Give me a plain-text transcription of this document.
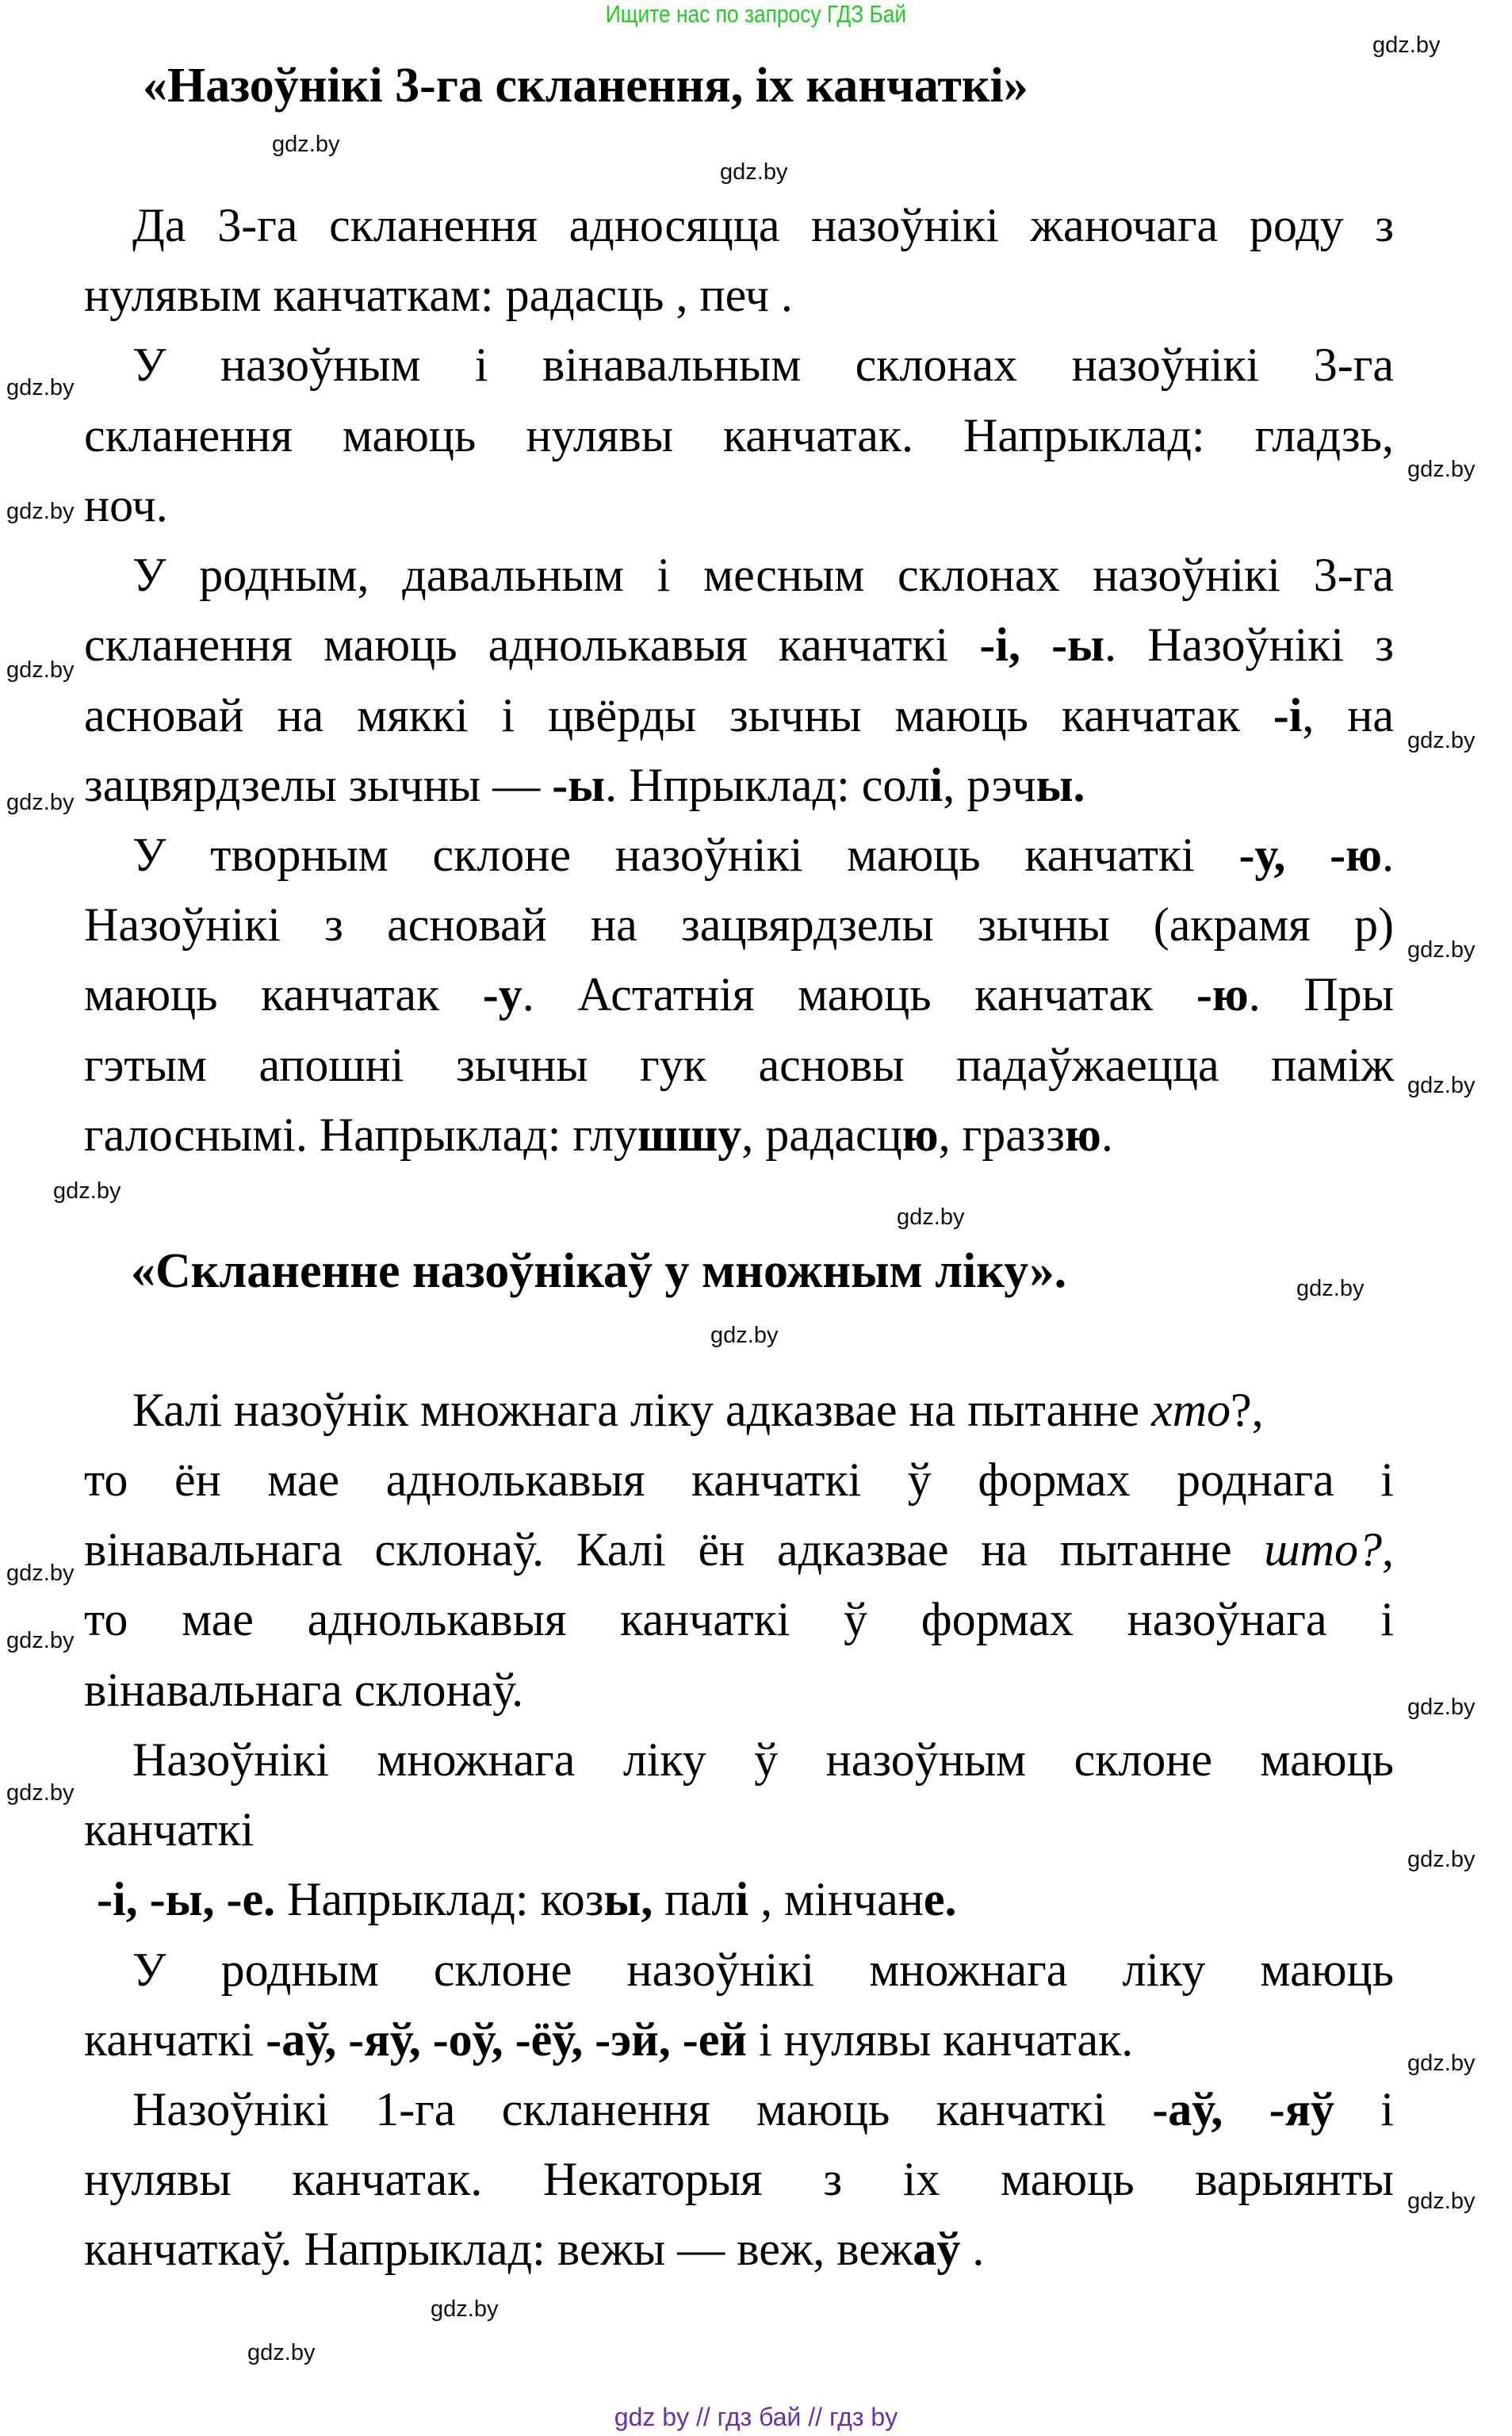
Ищите нас по запросу ГДЗ Бай
«Назоўнікі 3-га скланення, іх канчаткі»
Да 3-га скланення адносяцца назоўнікі жаночага роду з
нулявым канчаткам: радасць , печ .
У назоўным і вінавальным склонах назоўнікі 3-га
скланення маюць нулявы канчатак. Напрыклад: гладзь,
ноч.
У родным, давальным і месным склонах назоўнікі 3-га
скланення маюць аднолькавыя канчаткі -і, -ы. Назоўнікі з
асновай на мяккі і цвёрды зычны маюць канчатак -і, на
зацвярдзелы зычны — -ы. Нпрыклад: солі, рэчы.
У творным склоне назоўнікі маюць канчаткі -у, -ю.
Назоўнікі з асновай на зацвярдзелы зычны (акрамя р)
маюць канчатак -у. Астатнія маюць канчатак -ю. Пры
гэтым апошні зычны гук асновы падаўжаецца паміж
галоснымі. Напрыклад: глушшу, радасцю, граззю.
«Скланенне назоўнікаў у множным ліку».
Калі назоўнік множнага ліку адказвае на пытанне хто?,
то ён мае аднолькавыя канчаткі ў формах роднага і
вінавальнага склонаў. Калі ён адказвае на пытанне што?,
то мае аднолькавыя канчаткі ў формах назоўнага і
вінавальнага склонаў.
Назоўнікі множнага ліку ў назоўным склоне маюць
канчаткі
-і, -ы, -е. Напрыклад: козы, палі , мінчане.
У родным склоне назоўнікі множнага ліку маюць
канчаткі -аў, -яў, -оў, -ёў, -эй, -ей і нулявы канчатак.
Назоўнікі 1-га скланення маюць канчаткі -аў, -яў і
нулявы канчатак. Некаторыя з іх маюць варыянты
канчаткаў. Напрыклад: вежы — веж, вежаў .
gdz.by
gdz.by
gdz.by
gdz.by
gdz.by
gdz.by
gdz.by
gdz.by
gdz.by
gdz.by
gdz.by
gdz.by
gdz.by
gdz.by
gdz.by
gdz.by
gdz.by
gdz.by
gdz.by
gdz.by
gdz.by
gdz.by
gdz.by
gdz.by
gdz by // гдз бай // гдз by
